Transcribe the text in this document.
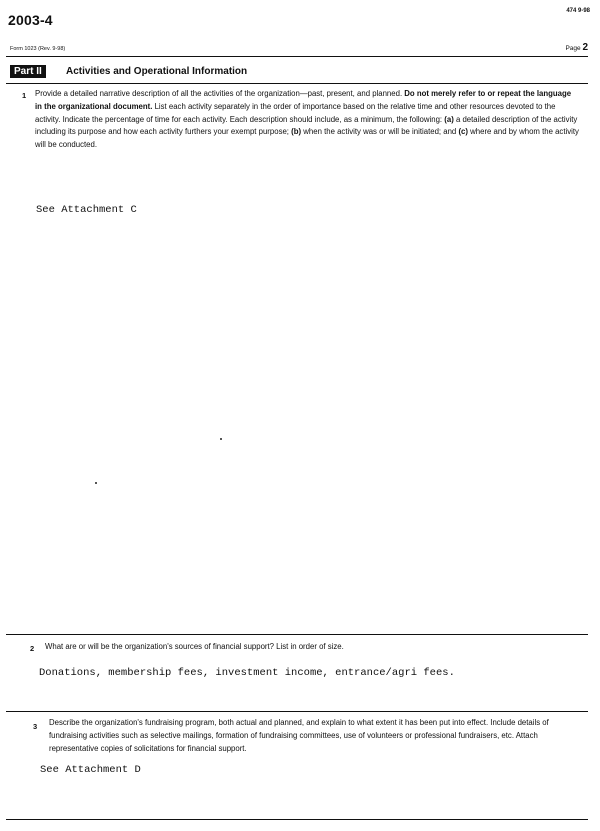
2003-4
474 9-98
Form 1023 (Rev. 9-98)	Page 2
Part II	Activities and Operational Information
1 Provide a detailed narrative description of all the activities of the organization—past, present, and planned. Do not merely refer to or repeat the language in the organizational document. List each activity separately in the order of importance based on the relative time and other resources devoted to the activity. Indicate the percentage of time for each activity. Each description should include, as a minimum, the following: (a) a detailed description of the activity including its purpose and how each activity furthers your exempt purpose; (b) when the activity was or will be initiated; and (c) where and by whom the activity will be conducted.
See Attachment C
2 What are or will be the organization's sources of financial support? List in order of size.
Donations, membership fees, investment income, entrance/agri fees.
3 Describe the organization's fundraising program, both actual and planned, and explain to what extent it has been put into effect. Include details of fundraising activities such as selective mailings, formation of fundraising committees, use of volunteers or professional fundraisers, etc. Attach representative copies of solicitations for financial support.
See Attachment D
